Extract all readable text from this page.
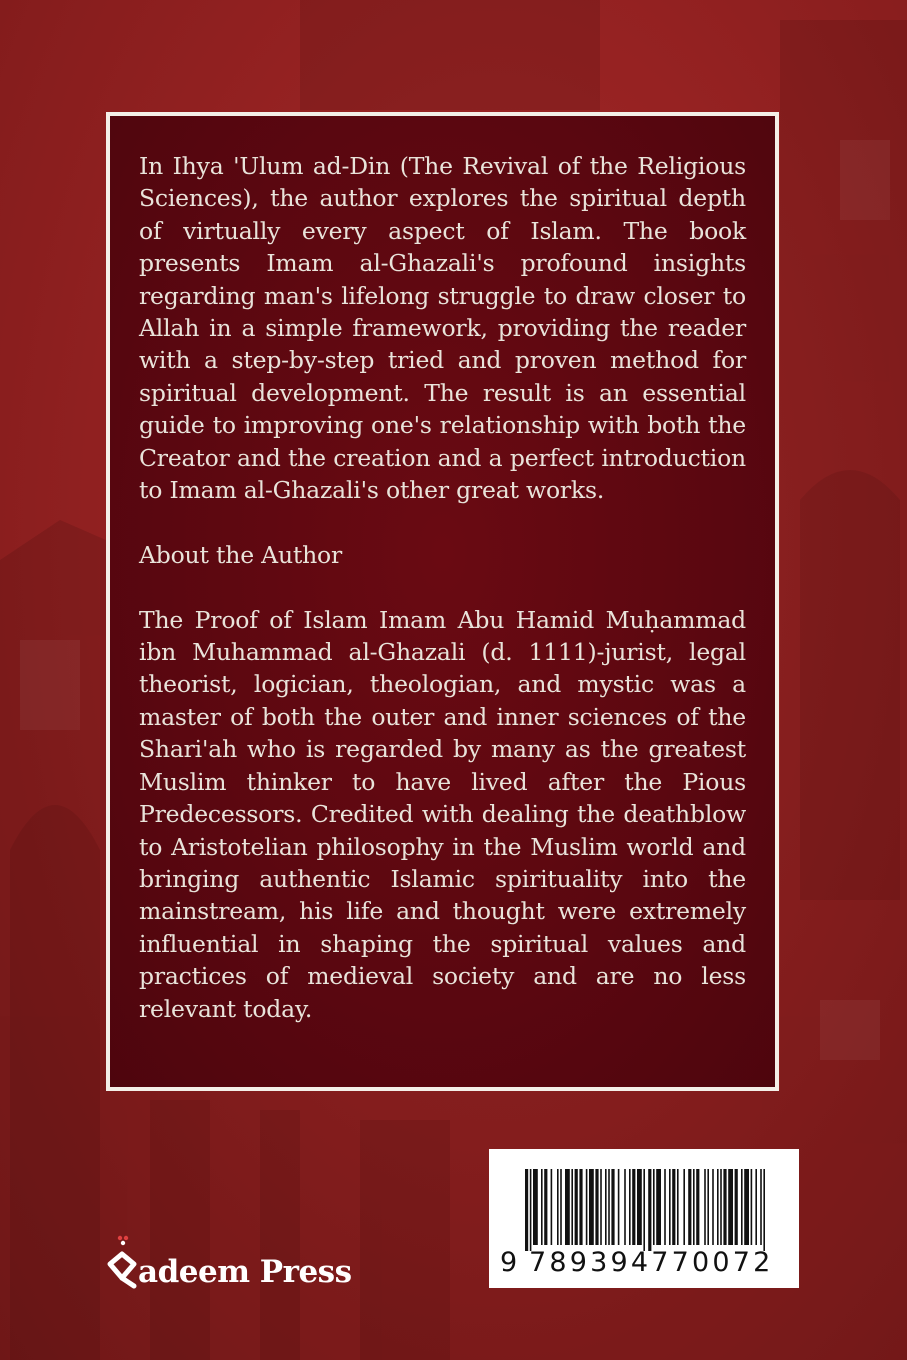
In Ihya 'Ulum ad-Din (The Revival of the Religious Sciences), the author explores the spiritual depth of virtually every aspect of Islam. The book presents Imam al-Ghazali's profound insights regarding man's lifelong struggle to draw closer to Allah in a simple framework, providing the reader with a step-by-step tried and proven method for spiritual development. The result is an essential guide to improving one's relationship with both the Creator and the creation and a perfect introduction to Imam al-Ghazali's other great works.

About the Author

The Proof of Islam Imam Abu Hamid Muḥammad ibn Muhammad al-Ghazali (d. 1111)-jurist, legal theorist, logician, theologian, and mystic was a master of both the outer and inner sciences of the Shari'ah who is regarded by many as the greatest Muslim thinker to have lived after the Pious Predecessors. Credited with dealing the deathblow to Aristotelian philosophy in the Muslim world and bringing authentic Islamic spirituality into the mainstream, his life and thought were extremely influential in shaping the spiritual values and practices of medieval society and are no less relevant today.

adeem Press	9 789394770072
